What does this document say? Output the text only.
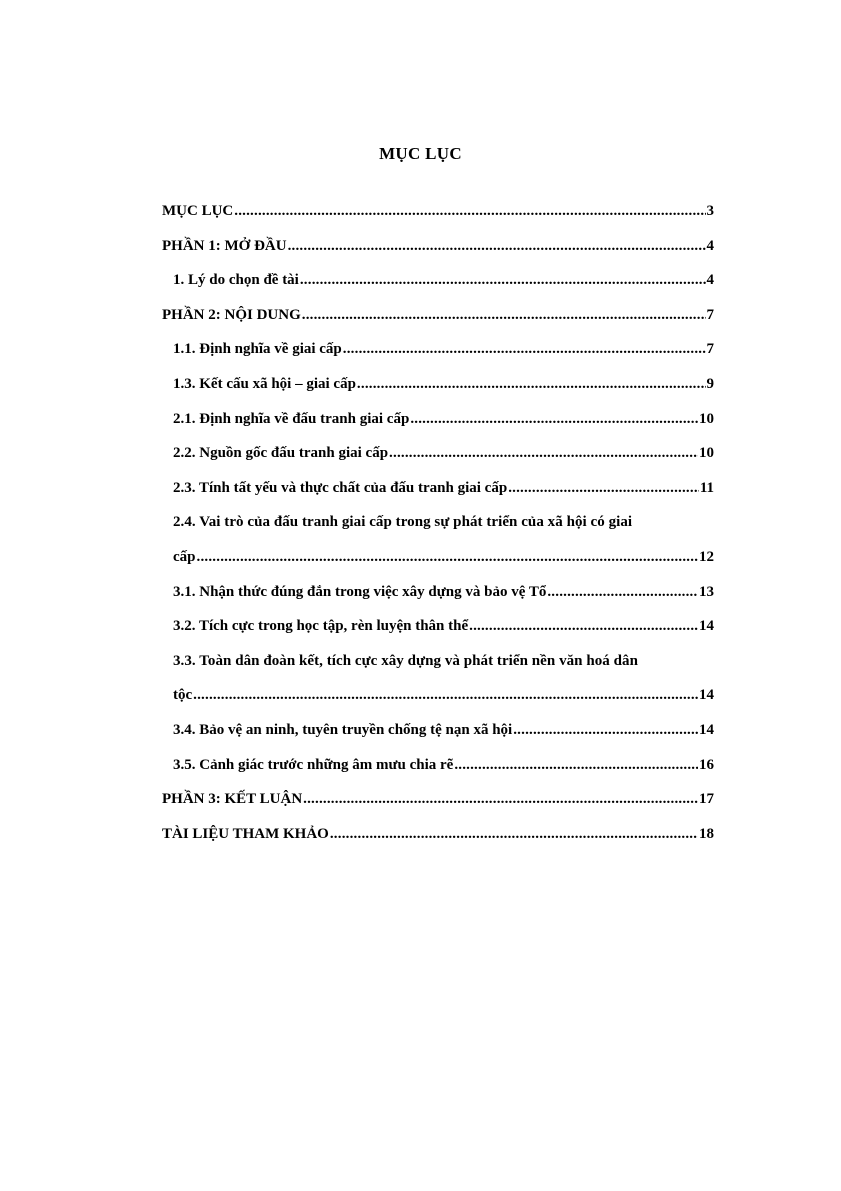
MỤC LỤC
MỤC LỤC .....	3
PHẦN 1: MỞ ĐẦU .....	4
1. Lý do chọn đề tài .....	4
PHẦN 2: NỘI DUNG .....	7
1.1. Định nghĩa về giai cấp .....	7
1.3. Kết cấu xã hội – giai cấp .....	9
2.1. Định nghĩa về đấu tranh giai cấp .....	10
2.2. Nguồn gốc đấu tranh giai cấp .....	10
2.3. Tính tất yếu và thực chất của đấu tranh giai cấp .....	11
2.4. Vai trò của đấu tranh giai cấp trong sự phát triển của xã hội có giai
cấp .....	12
3.1. Nhận thức đúng đắn trong việc xây dựng và bảo vệ Tổ .....	13
3.2. Tích cực trong học tập, rèn luyện thân thể .....	14
3.3. Toàn dân đoàn kết, tích cực xây dựng và phát triển nền văn hoá dân
tộc .....	14
3.4. Bảo vệ an ninh, tuyên truyền chống tệ nạn xã hội .....	14
3.5. Cảnh giác trước những âm mưu chia rẽ .....	16
PHẦN 3: KẾT LUẬN .....	17
TÀI LIỆU THAM KHẢO .....	18
